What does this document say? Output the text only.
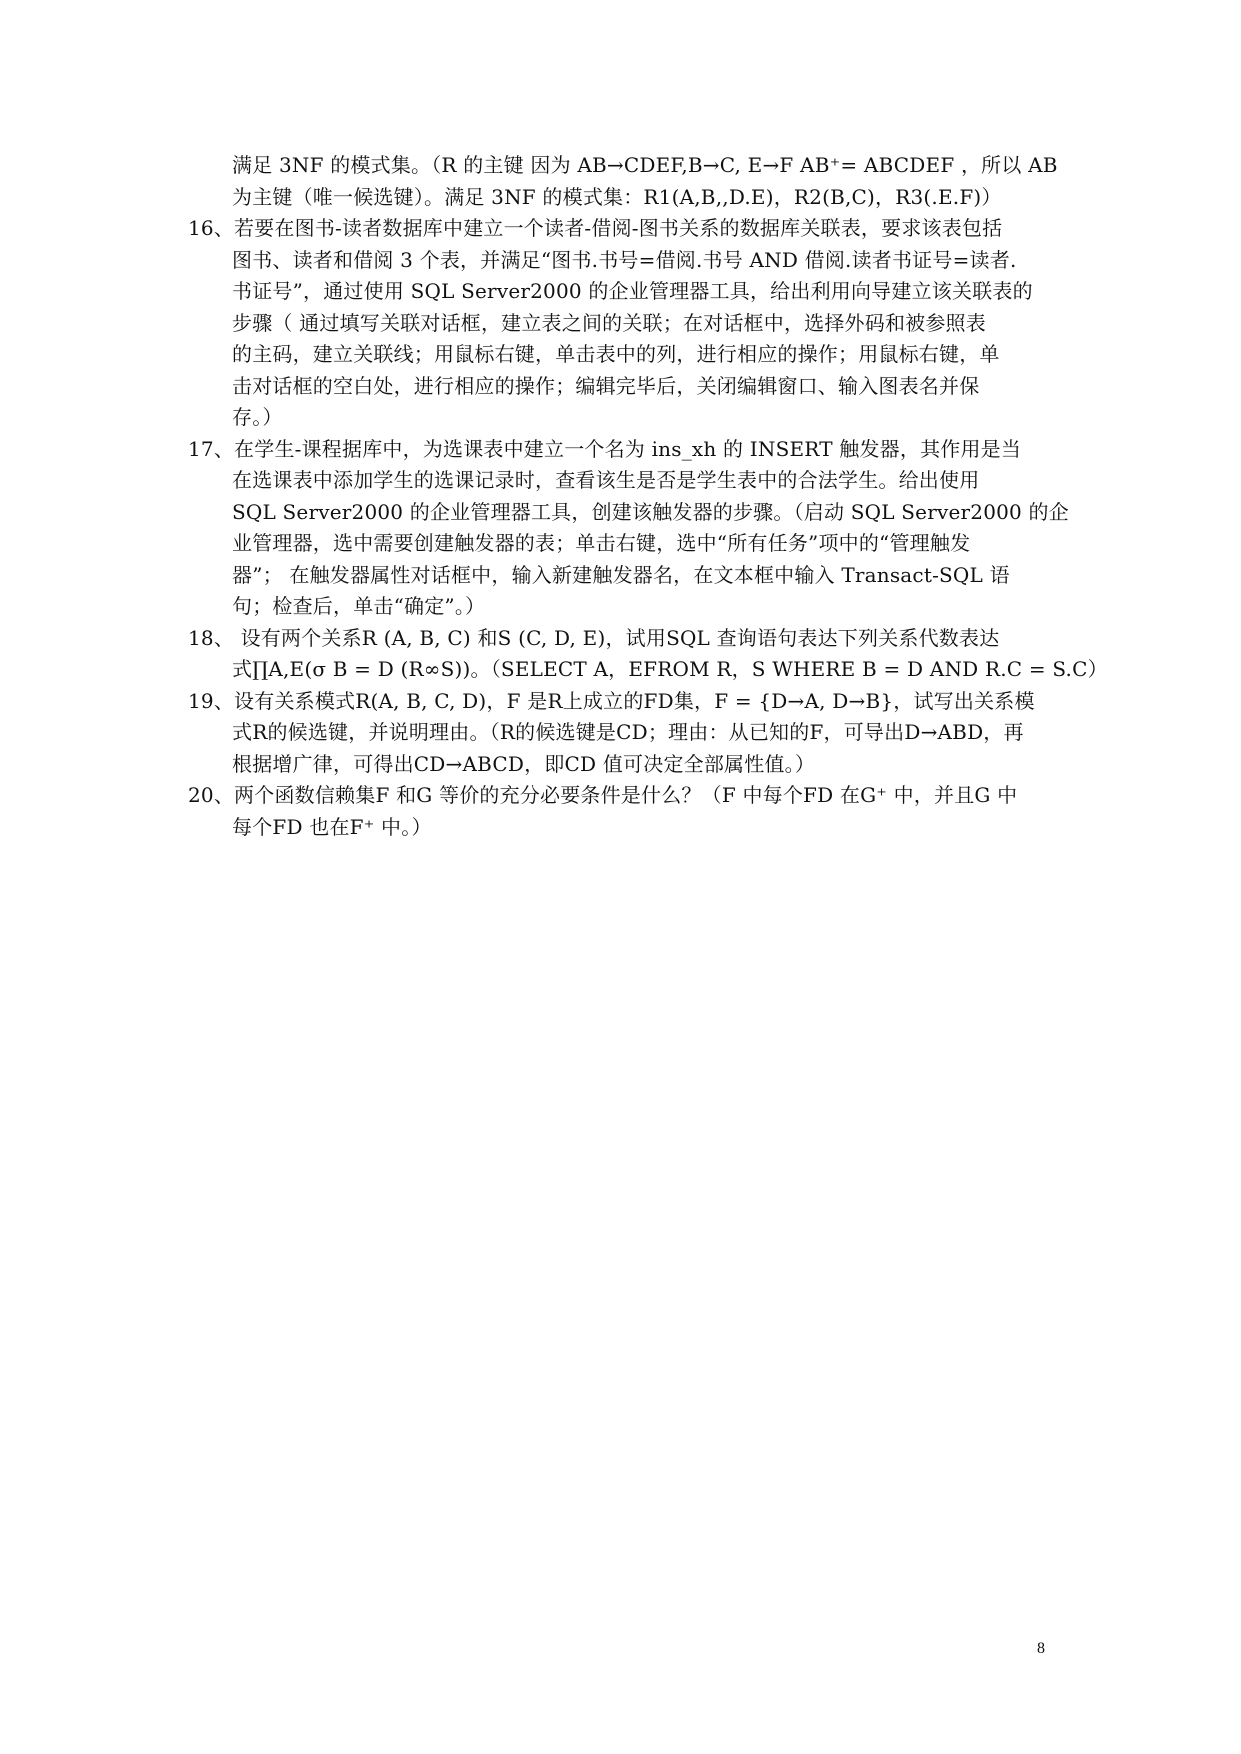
满足 3NF 的模式集。（R 的主键 因为 AB→CDEF,B→C, E→F AB⁺= ABCDEF ，所以 AB
为主键（唯一候选键）。满足 3NF 的模式集：R1(A,B,,D.E)，R2(B,C)，R3(.E.F)）
16、若要在图书-读者数据库中建立一个读者-借阅-图书关系的数据库关联表，要求该表包括
图书、读者和借阅 3 个表，并满足“图书.书号=借阅.书号 AND 借阅.读者书证号=读者.
书证号”，通过使用 SQL Server2000 的企业管理器工具，给出利用向导建立该关联表的
步骤（ 通过填写关联对话框，建立表之间的关联；在对话框中，选择外码和被参照表
的主码，建立关联线；用鼠标右键，单击表中的列，进行相应的操作；用鼠标右键，单
击对话框的空白处，进行相应的操作；编辑完毕后，关闭编辑窗口、输入图表名并保
存。）
17、在学生-课程据库中，为选课表中建立一个名为 ins_xh 的 INSERT 触发器，其作用是当
在选课表中添加学生的选课记录时，查看该生是否是学生表中的合法学生。给出使用
SQL Server2000 的企业管理器工具，创建该触发器的步骤。（启动 SQL Server2000 的企
业管理器，选中需要创建触发器的表；单击右键，选中“所有任务”项中的“管理触发
器”； 在触发器属性对话框中，输入新建触发器名，在文本框中输入 Transact-SQL 语
句；检查后，单击“确定”。）
18、 设有两个关系R (A, B, C) 和S (C, D, E)，试用SQL 查询语句表达下列关系代数表达
式∏A,E(σ B = D (R∞S))。（SELECT A，EFROM R，S WHERE B = D AND R.C = S.C）
19、设有关系模式R(A, B, C, D)，F 是R上成立的FD集，F = {D→A, D→B}，试写出关系模
式R的候选键，并说明理由。（R的候选键是CD；理由：从已知的F，可导出D→ABD，再
根据增广律，可得出CD→ABCD，即CD 值可决定全部属性值。）
20、两个函数信赖集F 和G 等价的充分必要条件是什么？（F 中每个FD 在G⁺ 中，并且G 中
每个FD 也在F⁺ 中。）
8
